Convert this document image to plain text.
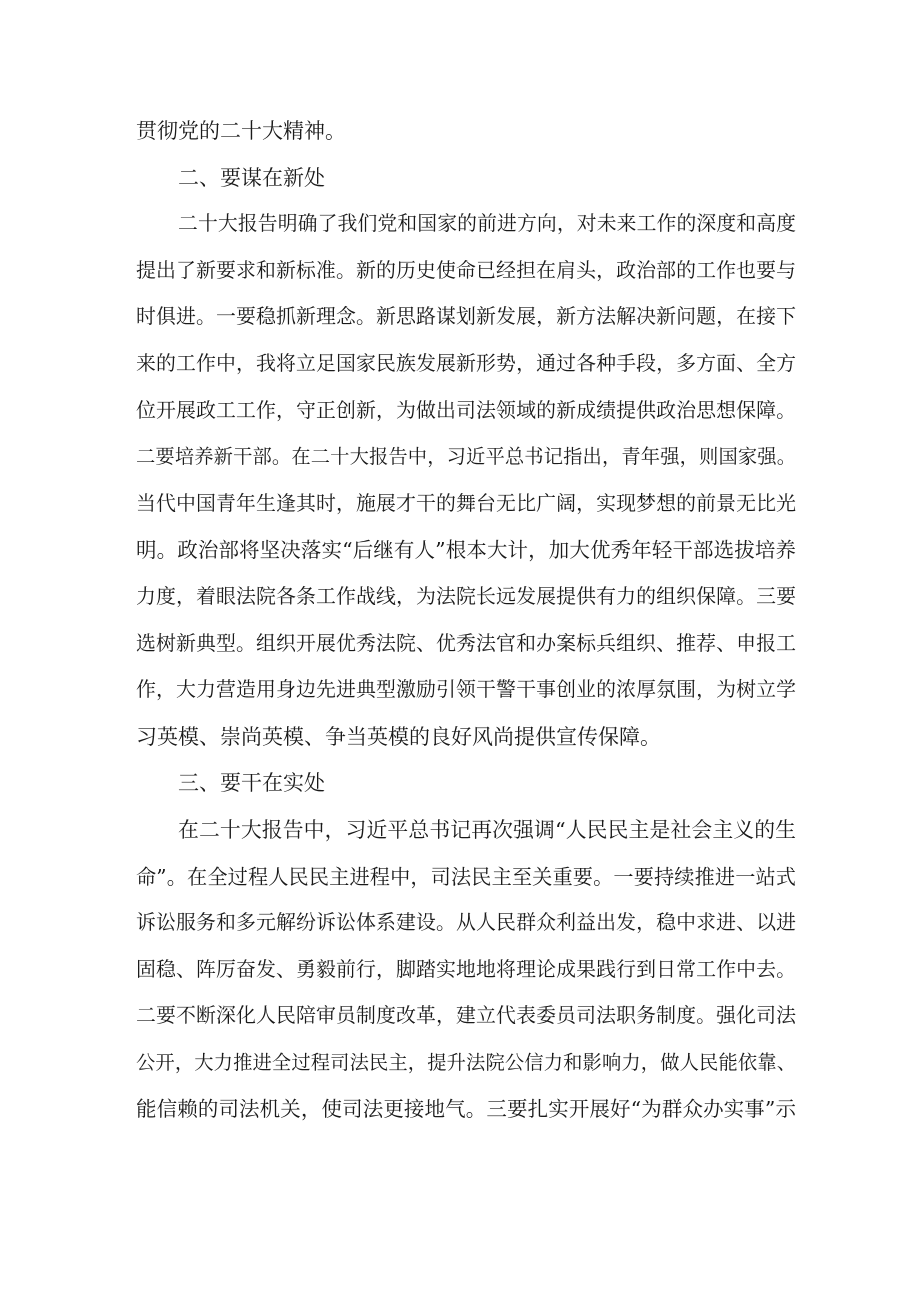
贯彻党的二十大精神。
二、要谋在新处
二十大报告明确了我们党和国家的前进方向，对未来工作的深度和高度
提出了新要求和新标准。新的历史使命已经担在肩头，政治部的工作也要与
时俱进。一要稳抓新理念。新思路谋划新发展，新方法解决新问题，在接下
来的工作中，我将立足国家民族发展新形势，通过各种手段，多方面、全方
位开展政工工作，守正创新，为做出司法领域的新成绩提供政治思想保障。
二要培养新干部。在二十大报告中，习近平总书记指出，青年强，则国家强。
当代中国青年生逢其时，施展才干的舞台无比广阔，实现梦想的前景无比光
明。政治部将坚决落实“后继有人”根本大计，加大优秀年轻干部选拔培养
力度，着眼法院各条工作战线，为法院长远发展提供有力的组织保障。三要
选树新典型。组织开展优秀法院、优秀法官和办案标兵组织、推荐、申报工
作，大力营造用身边先进典型激励引领干警干事创业的浓厚氛围，为树立学
习英模、崇尚英模、争当英模的良好风尚提供宣传保障。
三、要干在实处
在二十大报告中，习近平总书记再次强调“人民民主是社会主义的生
命”。在全过程人民民主进程中，司法民主至关重要。一要持续推进一站式
诉讼服务和多元解纷诉讼体系建设。从人民群众利益出发，稳中求进、以进
固稳、阵厉奋发、勇毅前行，脚踏实地地将理论成果践行到日常工作中去。
二要不断深化人民陪审员制度改革，建立代表委员司法职务制度。强化司法
公开，大力推进全过程司法民主，提升法院公信力和影响力，做人民能依靠、
能信赖的司法机关，使司法更接地气。三要扎实开展好“为群众办实事”示
